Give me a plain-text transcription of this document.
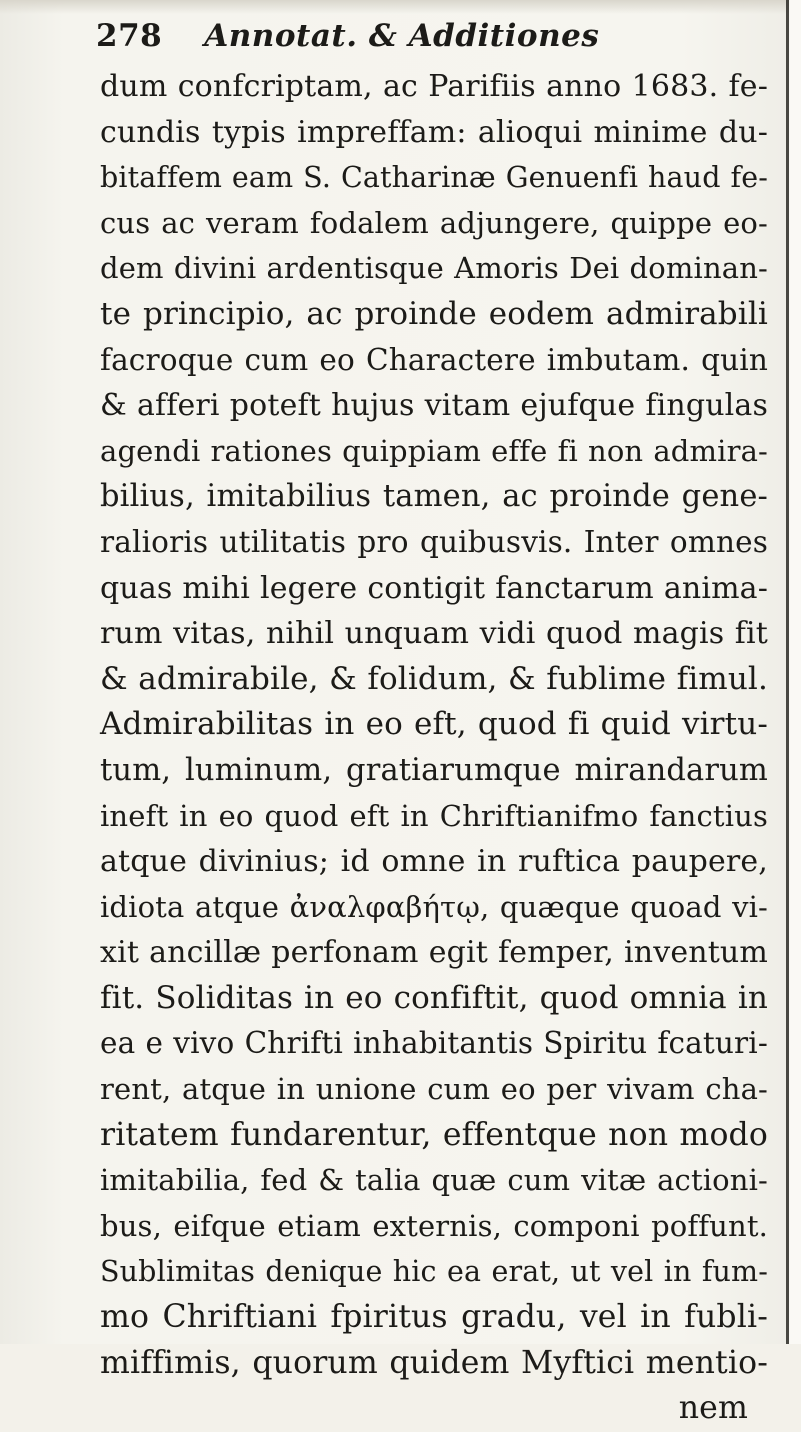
278 Annotat. & Additiones
dum confcriptam, ac Parifiis anno 1683. fe-
cundis typis impreffam: alioqui minime du-
bitaffem eam S. Catharinæ Genuenfi haud fe-
cus ac veram fodalem adjungere, quippe eo-
dem divini ardentisque Amoris Dei dominan-
te principio, ac proinde eodem admirabili
facroque cum eo Charactere imbutam. quin
& afferi poteft hujus vitam ejufque fingulas
agendi rationes quippiam effe fi non admira-
bilius, imitabilius tamen, ac proinde gene-
ralioris utilitatis pro quibusvis. Inter omnes
quas mihi legere contigit fanctarum anima-
rum vitas, nihil unquam vidi quod magis fit
& admirabile, & folidum, & fublime fimul.
Admirabilitas in eo eft, quod fi quid virtu-
tum, luminum, gratiarumque mirandarum
ineft in eo quod eft in Chriftianifmo fanctius
atque divinius; id omne in ruftica paupere,
idiota atque ἀναλφαβήτῳ, quæque quoad vi-
xit ancillæ perfonam egit femper, inventum
fit. Soliditas in eo confiftit, quod omnia in
ea e vivo Chrifti inhabitantis Spiritu fcaturi-
rent, atque in unione cum eo per vivam cha-
ritatem fundarentur, effentque non modo
imitabilia, fed & talia quæ cum vitæ actioni-
bus, eifque etiam externis, componi poffunt.
Sublimitas denique hic ea erat, ut vel in fum-
mo Chriftiani fpiritus gradu, vel in fubli-
miffimis, quorum quidem Myftici mentio-
nem
